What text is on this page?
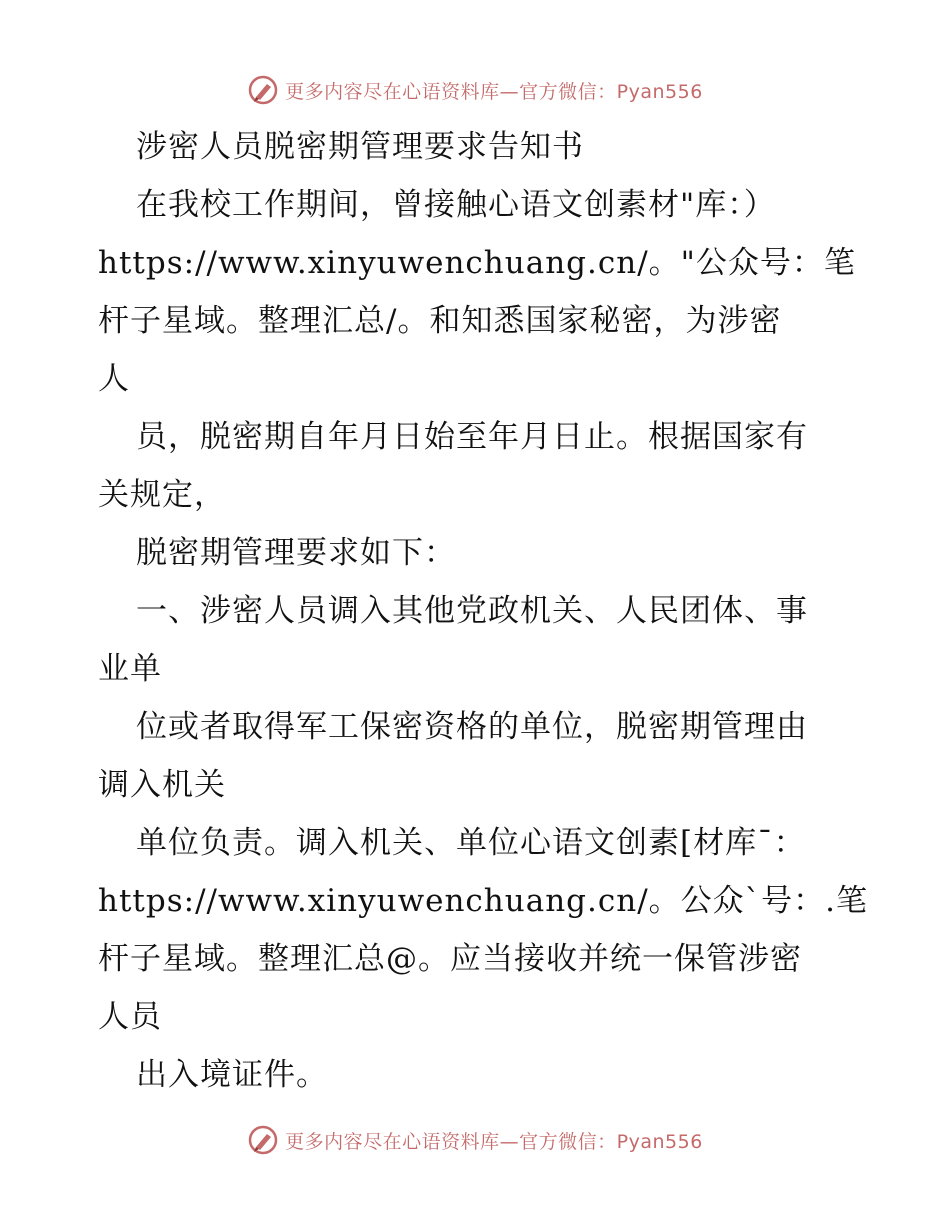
更多内容尽在心语资料库—官方微信：Pyan556
涉密人员脱密期管理要求告知书
在我校工作期间，曾接触心语文创素材"库：）
https://www.xinyuwenchuang.cn/。"公众号：笔
杆子星域。整理汇总/。和知悉国家秘密，为涉密
人
员，脱密期自年月日始至年月日止。根据国家有
关规定，
脱密期管理要求如下：
一、涉密人员调入其他党政机关、人民团体、事
业单
位或者取得军工保密资格的单位，脱密期管理由
调入机关
单位负责。调入机关、单位心语文创素[材库¯：
https://www.xinyuwenchuang.cn/。公众`号：.笔
杆子星域。整理汇总@。应当接收并统一保管涉密
人员
出入境证件。
更多内容尽在心语资料库—官方微信：Pyan556
